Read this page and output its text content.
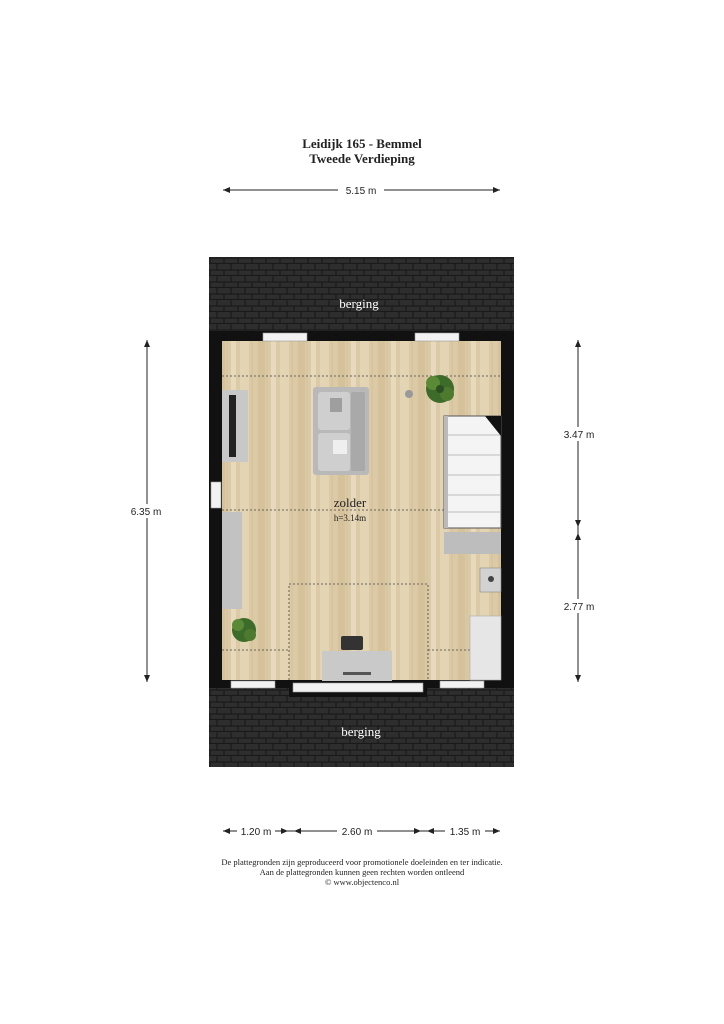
Leidijk 165 - Bemmel
Tweede Verdieping
5.15 m
6.35 m
3.47 m
2.77 m
berging
zolder
h=3.14m
berging
1.20 m	2.60 m	1.35 m
De plattegronden zijn geproduceerd voor promotionele doeleinden en ter indicatie.
Aan de plattegronden kunnen geen rechten worden ontleend
© www.objectenco.nl
